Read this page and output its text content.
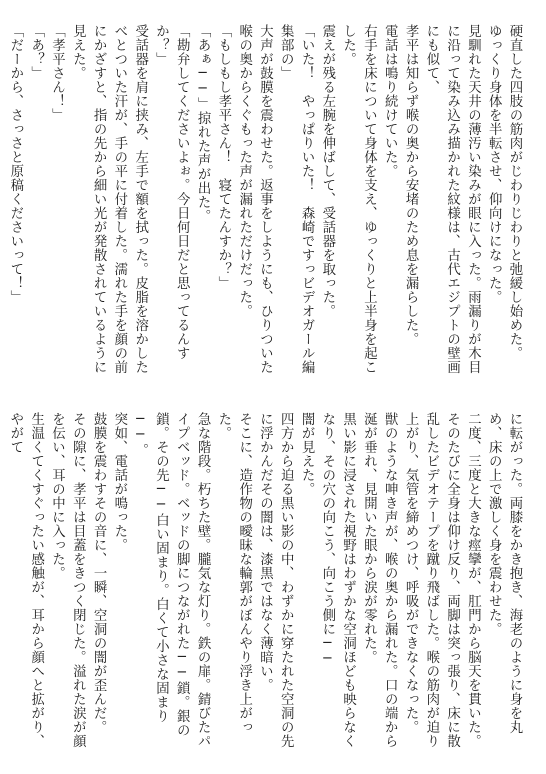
硬直した四肢の筋肉がじわりじわりと弛緩し始めた。

ゆっくり身体を半転させ、仰向けになった。

見馴れた天井の薄汚い染みが眼に入った。雨漏りが木目に沿って染み込み描かれた紋様は、古代エジプトの壁画にも似て、

孝平は知らず喉の奥から安堵のため息を漏らした。

電話は鳴り続けていた。

右手を床について身体を支え、ゆっくりと上半身を起こした。

震えが残る左腕を伸ばして、受話器を取った。

「いた！　やっぱりいた！　森崎ですっビデオガール編集部の」

大声が鼓膜を震わせた。返事をしようにも、ひりついた喉の奥からくぐもった声が漏れただけだった。

「もしもし孝平さん！　寝てたんすか？」

「あぁ──」掠れた声が出た。

「勘弁してくださいよぉ。今日何日だと思ってるんすか？」

受話器を肩に挟み、左手で額を拭った。皮脂を溶かしたべとついた汗が、手の平に付着した。濡れた手を顔の前にかざすと、指の先から細い光が発散されているように見えた。

「孝平さん！」

「あ？」

「だーから、さっさと原稿くださいって！」

に転がった。両膝をかき抱き、海老のように身を丸め、床の上で激しく身を震わせた。

二度、三度と大きな痙攣が、肛門から脳天を貫いた。そのたびに全身は仰け反り、両脚は突っ張り、床に散乱したビデオテープを蹴り飛ばした。喉の筋肉が迫り上がり、気管を締めつけ、呼吸ができなくなった。

獣のような呻き声が、喉の奥から漏れた。口の端から涎が垂れ、見開いた眼から涙が零れた。

黒い影に浸された視野はわずかな空洞ほども映らなくなり、その穴の向こう、向こう側に──

闇が見えた。

四方から迫る黒い影の中、わずかに穿たれた空洞の先に浮かんだその闇は、漆黒ではなく薄暗い。

そこに、造作物の曖昧な輪郭がぼんやり浮き上がった。

急な階段。朽ちた壁。朧気な灯り。鉄の扉。錆びたパイプベッド。ベッドの脚につながれた──鎖。銀の鎖。その先──白い固まり。白くて小さな固まり──。

突如、電話が鳴った。

鼓膜を震わすその音に、一瞬、空洞の闇が歪んだ。

その隙に、孝平は目蓋をきつく閉じた。溢れた涙が顔を伝い、耳の中に入った。

生温くてくすぐったい感触が、耳から顔へと拡がり、やがて
